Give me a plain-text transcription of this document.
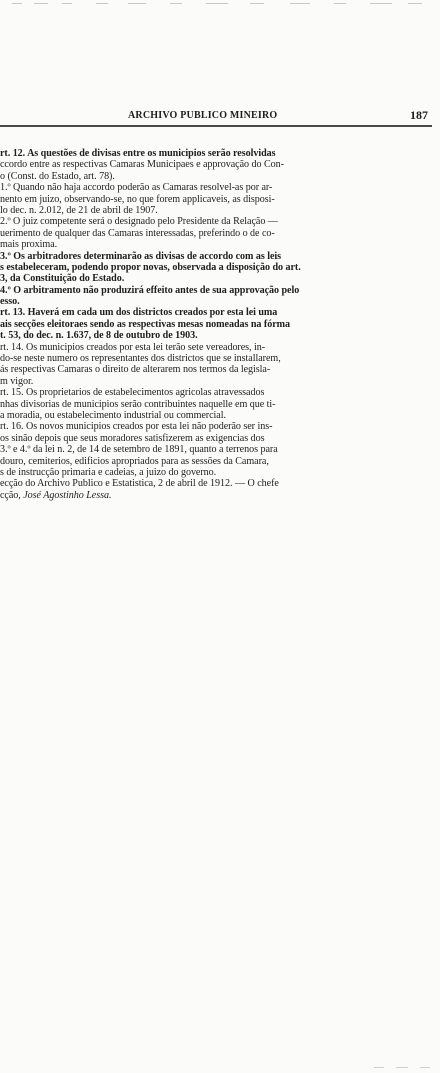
ARCHIVO PUBLICO MINEIRO	187
rt. 12. As questões de divisas entre os municipios serão resolvidas
ccordo entre as respectivas Camaras Municipaes e approvação do Con-
o (Const. do Estado, art. 78).
1.º Quando não haja accordo poderão as Camaras resolvel-as por ar-
nento em juizo, observando-se, no que forem applicaveis, as disposi-
lo dec. n. 2.012, de 21 de abril de 1907.
2.º O juiz competente será o designado pelo Presidente da Relação —
uerimento de qualquer das Camaras interessadas, preferindo o de co-
mais proxima.
3.º Os arbitradores determinarão as divisas de accordo com as leis
s estabeleceram, podendo propor novas, observada a disposição do art.
3, da Constituição do Estado.
4.º O arbitramento não produzirá effeito antes de sua approvação pelo
esso.
rt. 13. Haverá em cada um dos districtos creados por esta lei uma
ais secções eleitoraes sendo as respectivas mesas nomeadas na fórma
t. 53, do dec. n. 1.637, de 8 de outubro de 1903.
rt. 14. Os municipios creados por esta lei terão sete vereadores, in-
do-se neste numero os representantes dos districtos que se installarem,
ás respectivas Camaras o direito de alterarem nos termos da legisla-
m vigor.
rt. 15. Os proprietarios de estabelecimentos agricolas atravessados
nhas divisorias de municipios serão contribuintes naquelle em que ti-
a moradia, ou estabelecimento industrial ou commercial.
rt. 16. Os novos municipios creados por esta lei não poderão ser ins-
os sinão depois que seus moradores satisfizerem as exigencias dos
3.º e 4.º da lei n. 2, de 14 de setembro de 1891, quanto a terrenos para
douro, cemiterios, edificios apropriados para as sessões da Camara,
s de instrucção primaria e cadeias, a juizo do governo.
ecção do Archivo Publico e Estatistica, 2 de abril de 1912. — O chefe
cção, José Agostinho Lessa.
